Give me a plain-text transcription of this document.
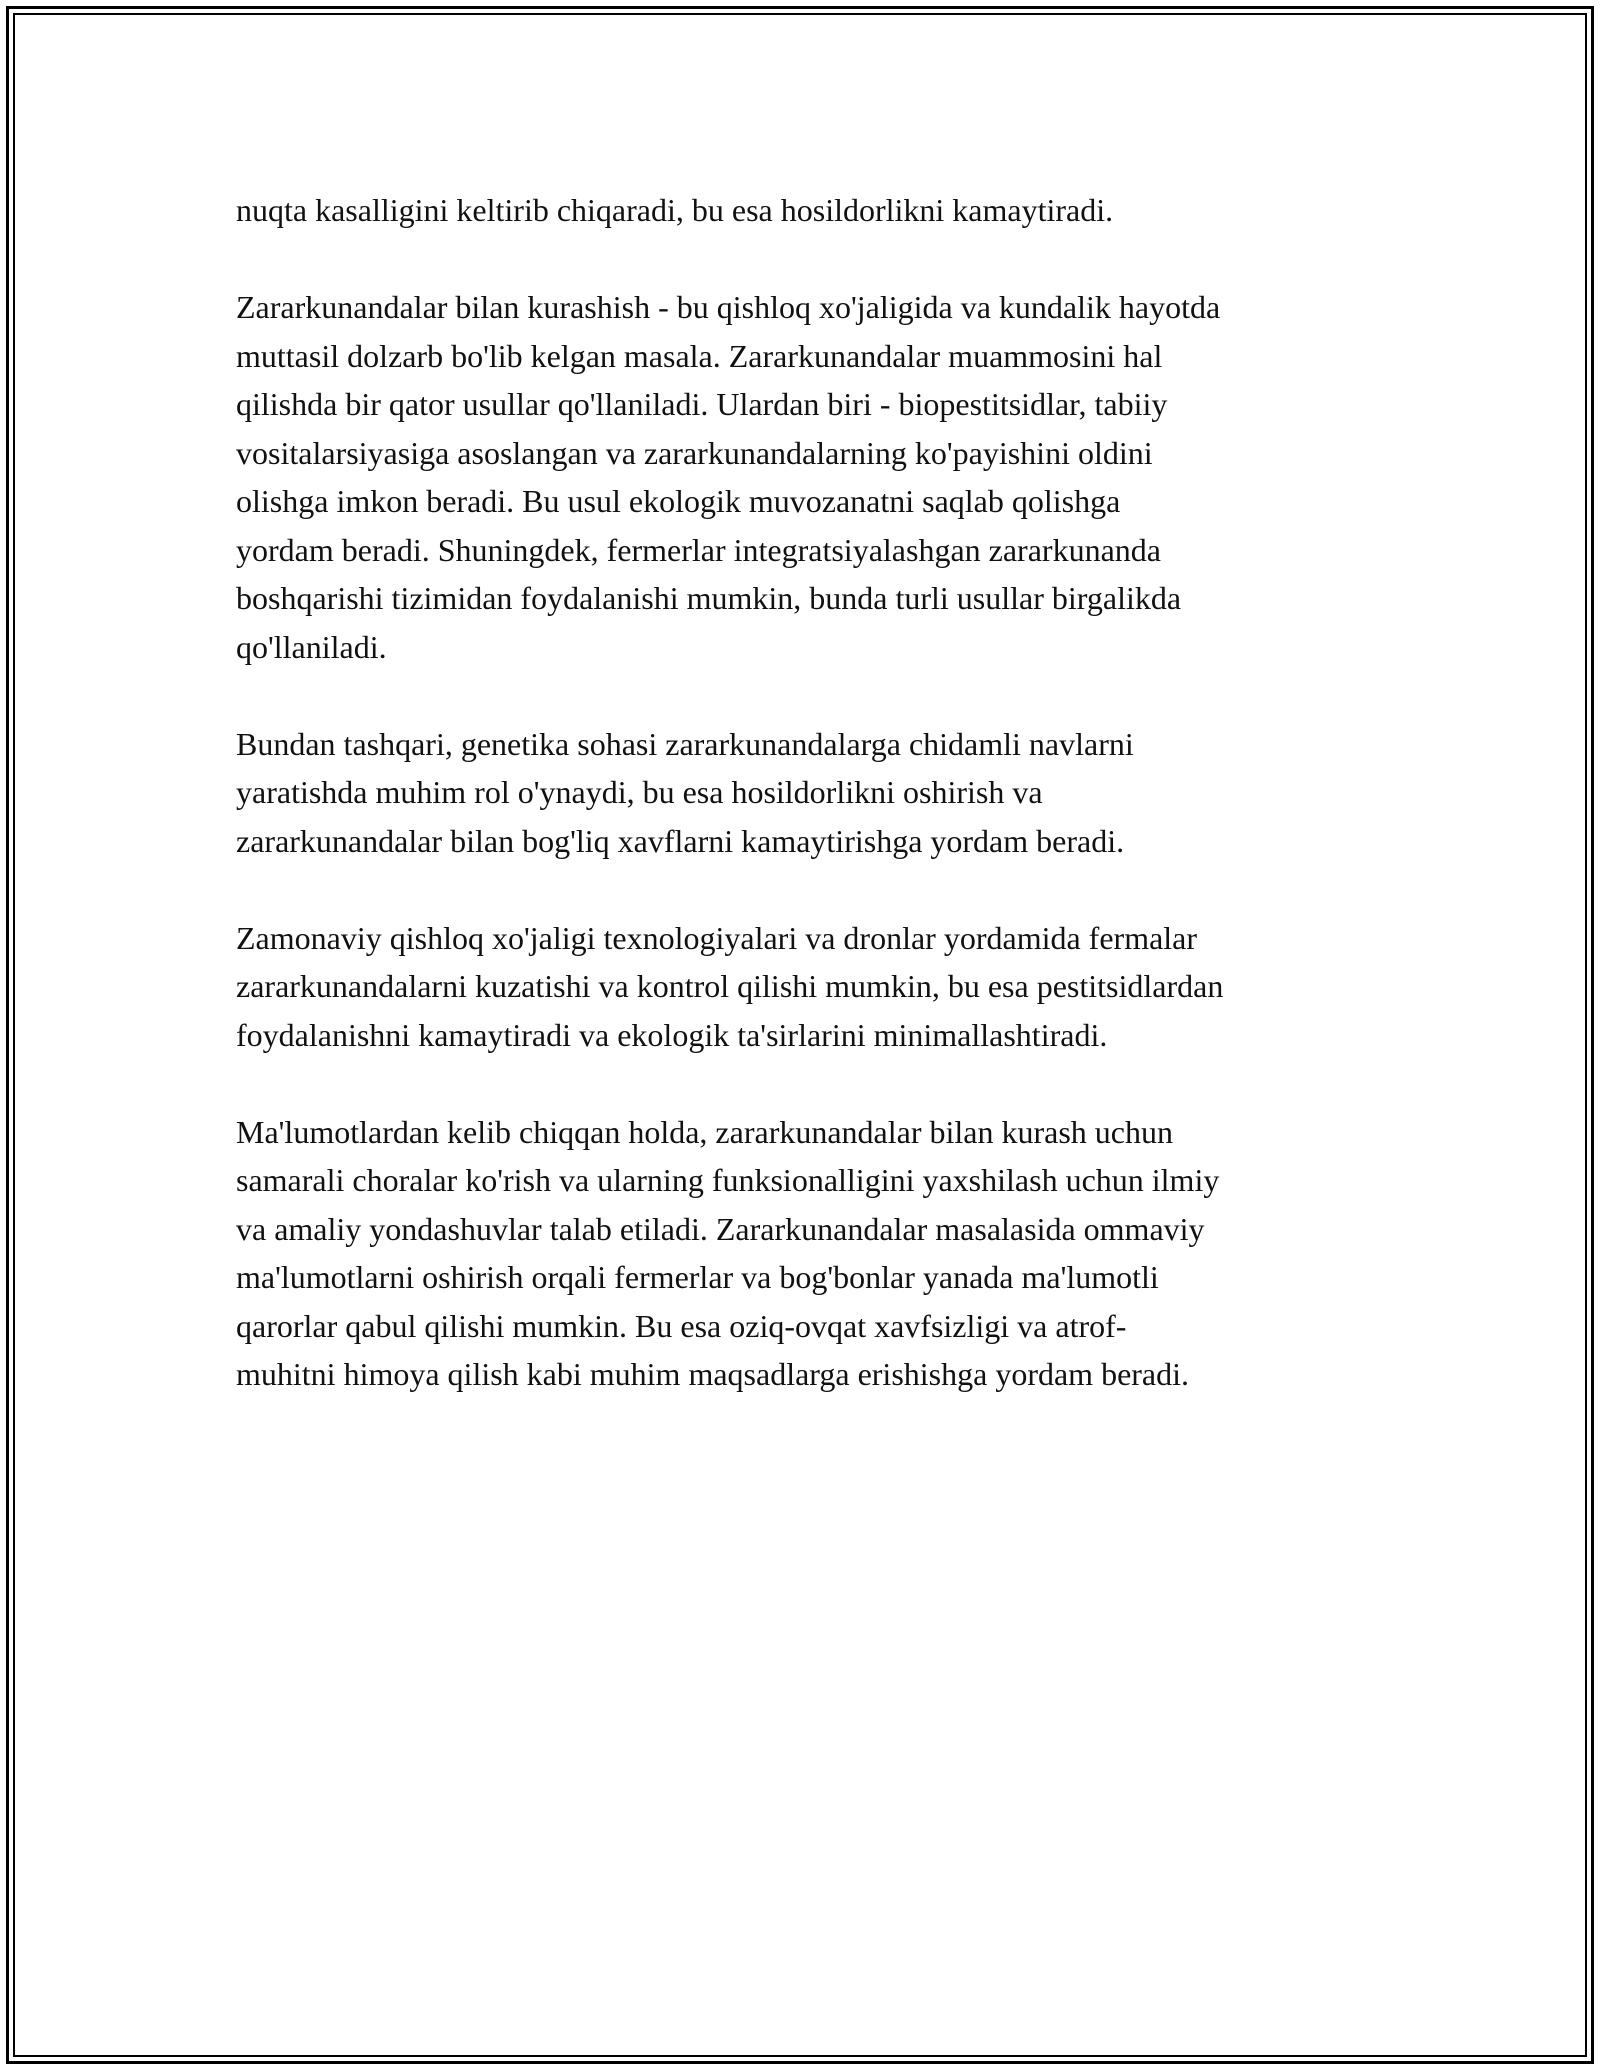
nuqta kasalligini keltirib chiqaradi, bu esa hosildorlikni kamaytiradi.

Zararkunandalar bilan kurashish - bu qishloq xo'jaligida va kundalik hayotda
muttasil dolzarb bo'lib kelgan masala. Zararkunandalar muammosini hal
qilishda bir qator usullar qo'llaniladi. Ulardan biri - biopestitsidlar, tabiiy
vositalarsiyasiga asoslangan va zararkunandalarning ko'payishini oldini
olishga imkon beradi. Bu usul ekologik muvozanatni saqlab qolishga
yordam beradi. Shuningdek, fermerlar integratsiyalashgan zararkunanda
boshqarishi tizimidan foydalanishi mumkin, bunda turli usullar birgalikda
qo'llaniladi.

Bundan tashqari, genetika sohasi zararkunandalarga chidamli navlarni
yaratishda muhim rol o'ynaydi, bu esa hosildorlikni oshirish va
zararkunandalar bilan bog'liq xavflarni kamaytirishga yordam beradi.

Zamonaviy qishloq xo'jaligi texnologiyalari va dronlar yordamida fermalar
zararkunandalarni kuzatishi va kontrol qilishi mumkin, bu esa pestitsidlardan
foydalanishni kamaytiradi va ekologik ta'sirlarini minimallashtiradi.

Ma'lumotlardan kelib chiqqan holda, zararkunandalar bilan kurash uchun
samarali choralar ko'rish va ularning funksionalligini yaxshilash uchun ilmiy
va amaliy yondashuvlar talab etiladi. Zararkunandalar masalasida ommaviy
ma'lumotlarni oshirish orqali fermerlar va bog'bonlar yanada ma'lumotli
qarorlar qabul qilishi mumkin. Bu esa oziq-ovqat xavfsizligi va atrof-
muhitni himoya qilish kabi muhim maqsadlarga erishishga yordam beradi.
